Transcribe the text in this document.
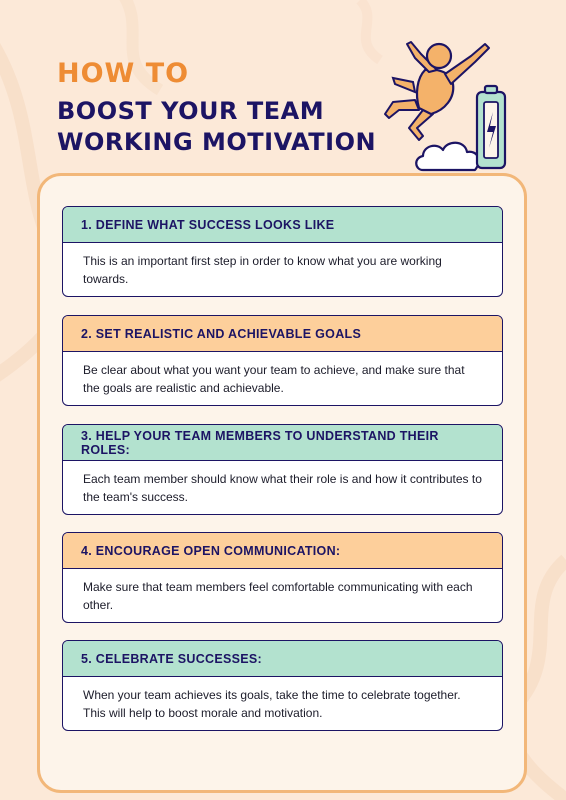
HOW TO
BOOST YOUR TEAM
WORKING MOTIVATION
1. DEFINE WHAT SUCCESS LOOKS LIKE
This is an important first step in order to know what you are working towards.
2. SET REALISTIC AND ACHIEVABLE GOALS
Be clear about what you want your team to achieve, and make sure that the goals are realistic and achievable.
3. HELP YOUR TEAM MEMBERS TO UNDERSTAND THEIR ROLES:
Each team member should know what their role is and how it contributes to the team's success.
4. ENCOURAGE OPEN COMMUNICATION:
Make sure that team members feel comfortable communicating with each other.
5. CELEBRATE SUCCESSES:
When your team achieves its goals, take the time to celebrate together. This will help to boost morale and motivation.
